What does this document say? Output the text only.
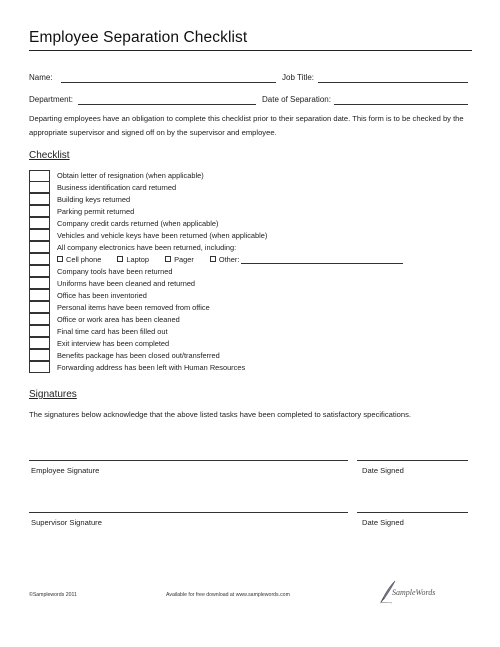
Employee Separation Checklist
Name:	Job Title:
Department:	Date of Separation:
Departing employees have an obligation to complete this checklist prior to their separation date. This form is to be checked by the appropriate supervisor and signed off on by the supervisor and employee.
Checklist
Obtain letter of resignation (when applicable)
Business identification card returned
Building keys returned
Parking permit returned
Company credit cards returned (when applicable)
Vehicles and vehicle keys have been returned (when applicable)
All company electronics have been returned, including:
Cell phone	Laptop	Pager	Other:
Company tools have been returned
Uniforms have been cleaned and returned
Office has been inventoried
Personal items have been removed from office
Office or work area has been cleaned
Final time card has been filled out
Exit interview has been completed
Benefits package has been closed out/transferred
Forwarding address has been left with Human Resources
Signatures
The signatures below acknowledge that the above listed tasks have been completed to satisfactory specifications.
Employee Signature	Date Signed
Supervisor Signature	Date Signed
©Samplewords 2011	Available for free download at www.samplewords.com	SampleWords
